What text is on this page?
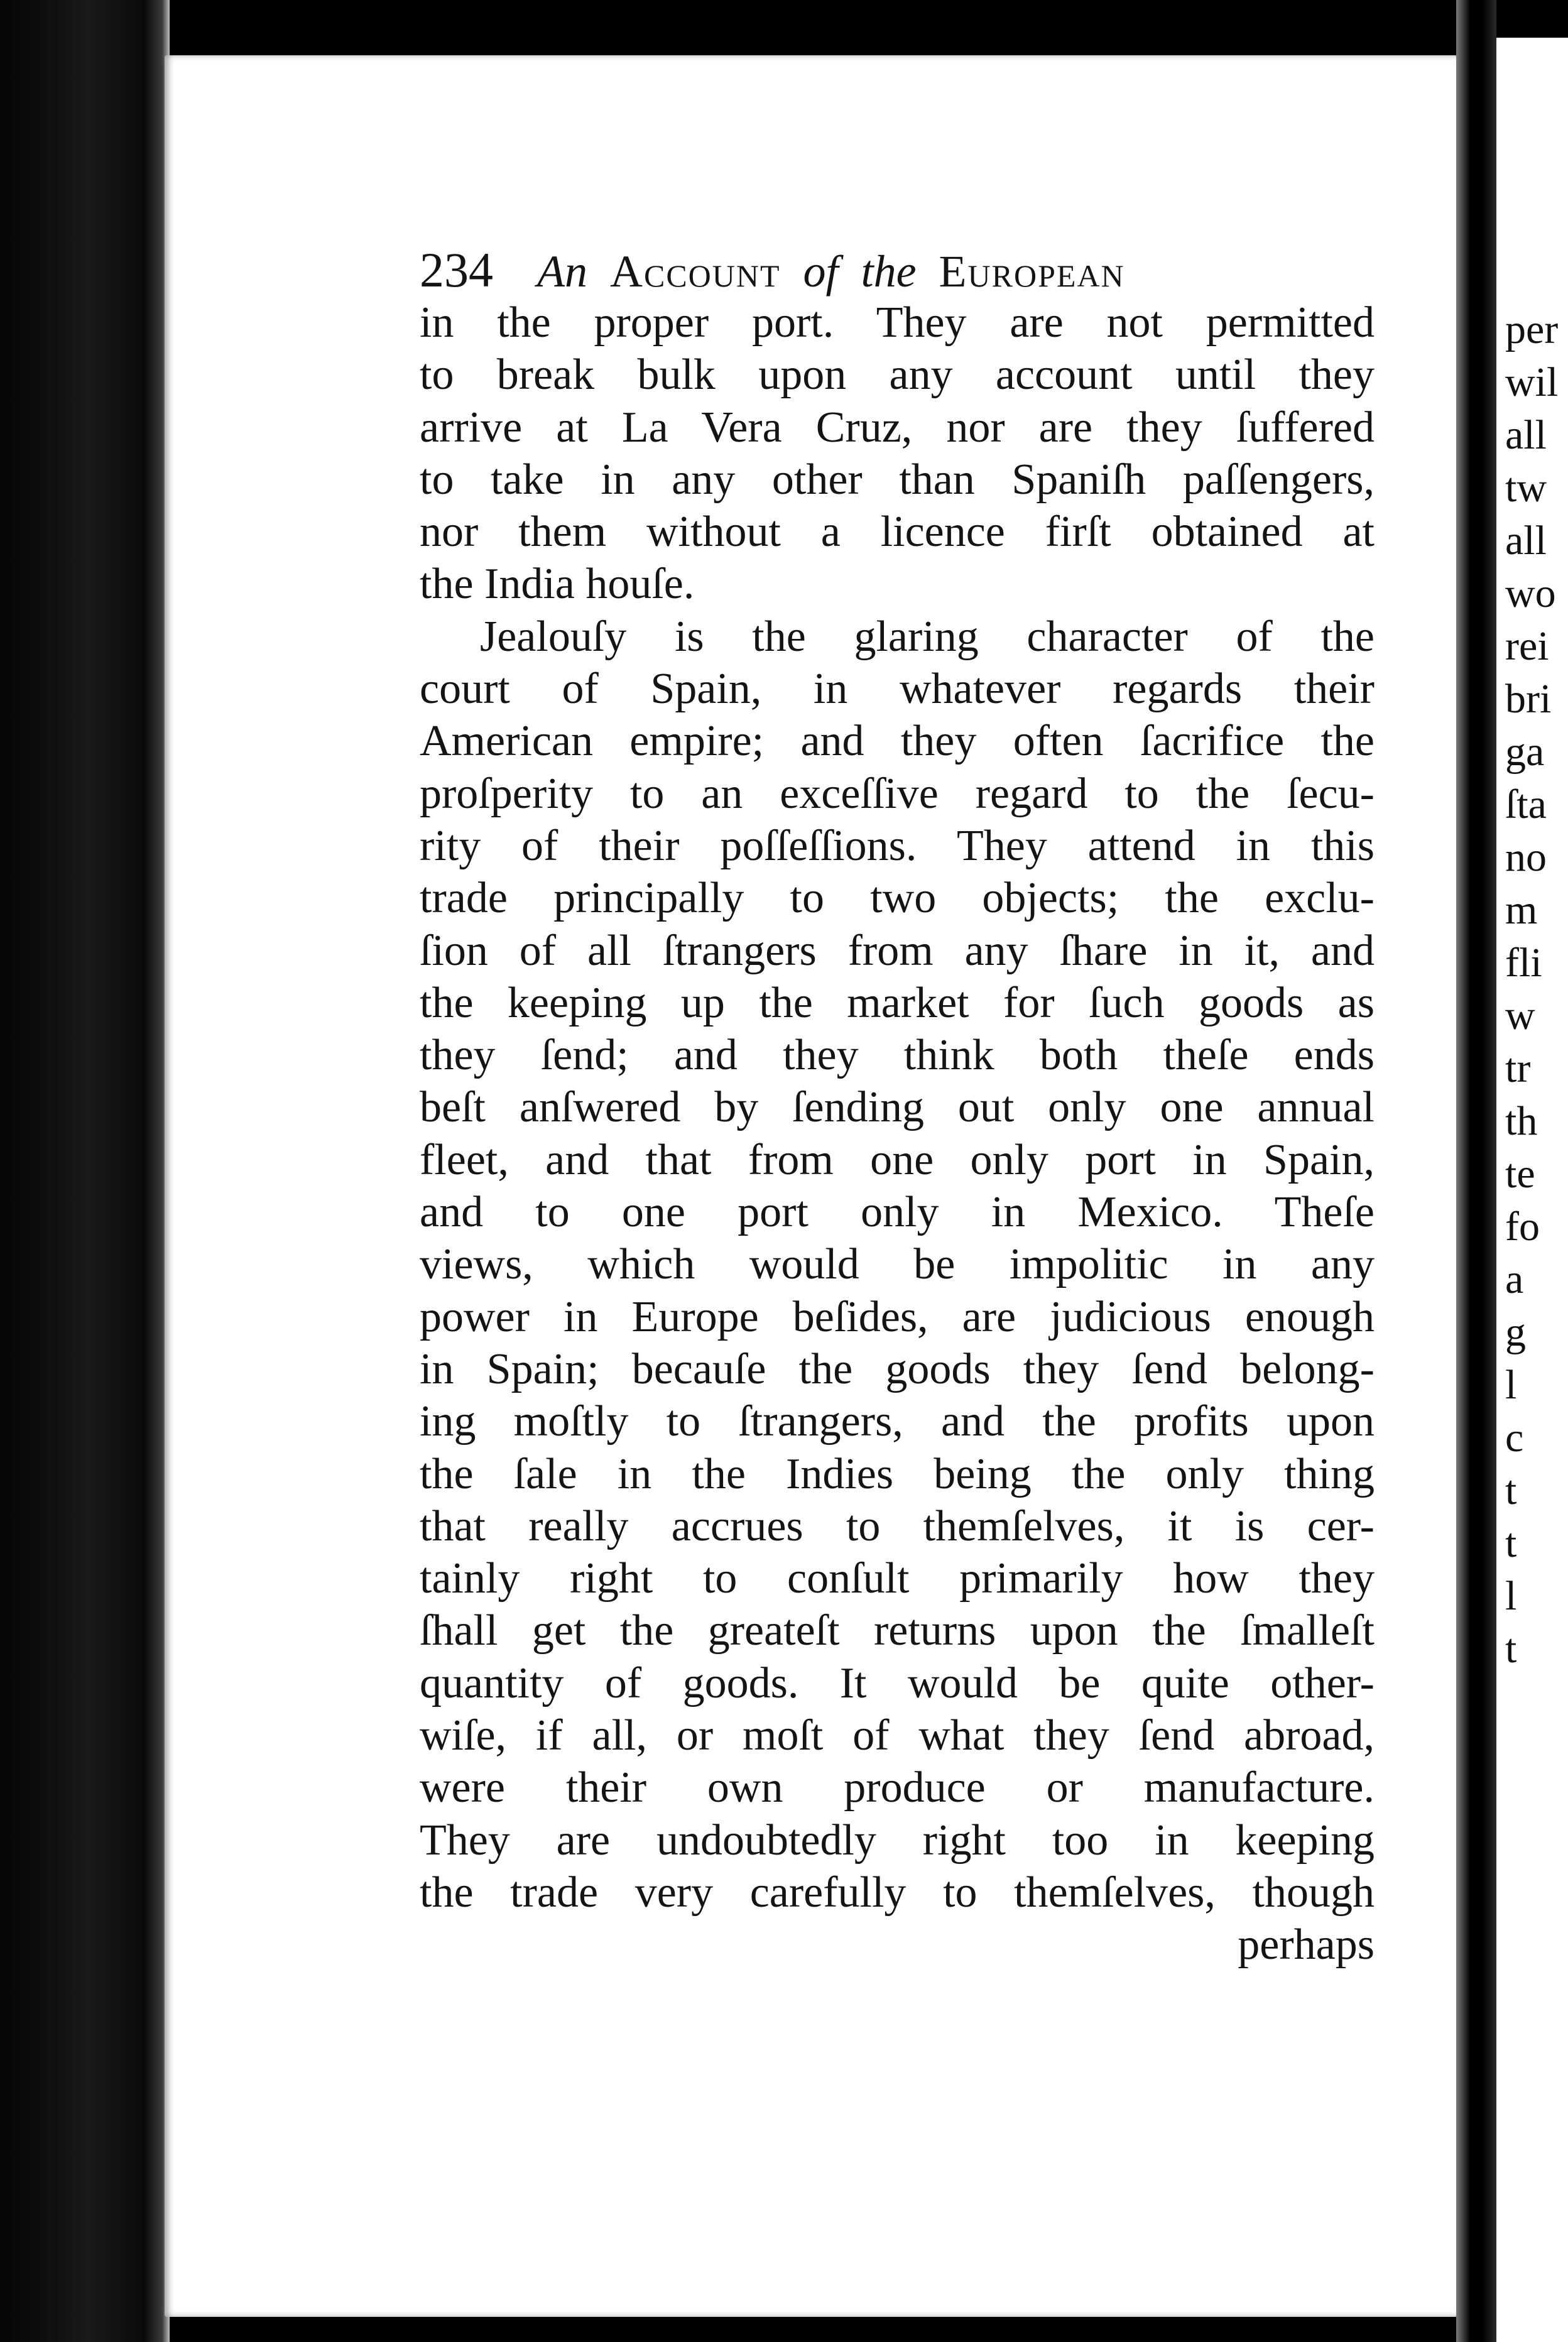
234 An Account of the European
in the proper port. They are not permitted
to break bulk upon any account until they
arrive at La Vera Cruz, nor are they ſuffered
to take in any other than Spaniſh paſſengers,
nor them without a licence firſt obtained at
the India houſe.
Jealouſy is the glaring character of the
court of Spain, in whatever regards their
American empire; and they often ſacrifice the
proſperity to an exceſſive regard to the ſecu-
rity of their poſſeſſions. They attend in this
trade principally to two objects; the exclu-
ſion of all ſtrangers from any ſhare in it, and
the keeping up the market for ſuch goods as
they ſend; and they think both theſe ends
beſt anſwered by ſending out only one annual
fleet, and that from one only port in Spain,
and to one port only in Mexico. Theſe
views, which would be impolitic in any
power in Europe beſides, are judicious enough
in Spain; becauſe the goods they ſend belong-
ing moſtly to ſtrangers, and the profits upon
the ſale in the Indies being the only thing
that really accrues to themſelves, it is cer-
tainly right to conſult primarily how they
ſhall get the greateſt returns upon the ſmalleſt
quantity of goods. It would be quite other-
wiſe, if all, or moſt of what they ſend abroad,
were their own produce or manufacture.
They are undoubtedly right too in keeping
the trade very carefully to themſelves, though
perhaps
per
wil
all
tw
all
wo
rei
bri
ga
ſta
no
m
fli
w
tr
th
te
fo
a
g
l
c
t
t
l
t
